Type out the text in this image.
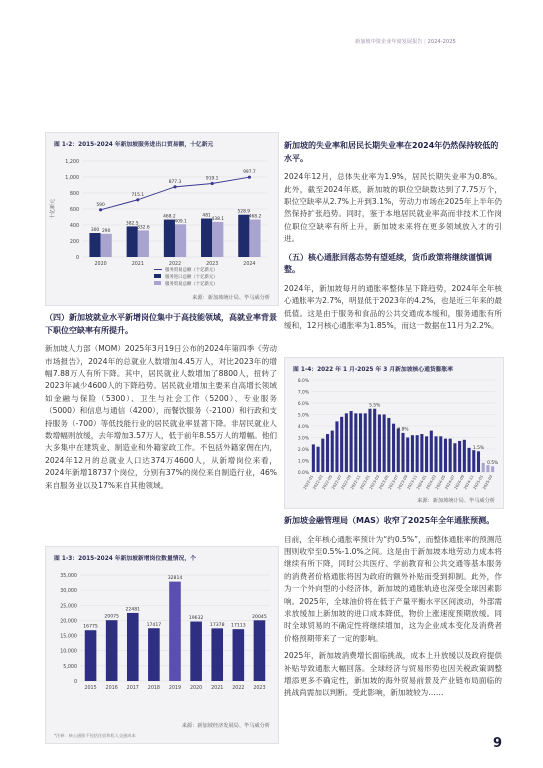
新加坡中资企业年度发展报告 | 2024-2025
图 1-2：2015-2024 年新加坡服务进出口贸易额，十亿新元
十亿新元
0
200
400
600
800
1,000
1,200
300 290
2020
382.5
332.6
2021
468.2
409.1
2022
481
438.1
2023
528.9
468.2
2024
590
715.1
877.3
919.1
997.7
服务贸易总额（十亿新元）
服务进口总额（十亿新元）
服务贸易总额（十亿新元）
来源：新加坡统计局、毕马威分析
（四）新加坡就业水平新增岗位集中于高技能领域，高就业率背景下职位空缺率有所提升。

新加坡人力部（MOM）2025年3月19日公布的2024年第四季《劳动市场报告》，2024年的总就业人数增加4.45万人，对比2023年的增幅7.88万人有所下降。其中，居民就业人数增加了8800人，扭转了2023年减少4600人的下降趋势。居民就业增加主要来自高增长领域如金融与保险（5300）、卫生与社会工作（5200）、专业服务（5000）和信息与通信（4200），而餐饮服务（-2100）和行政和支持服务（-700）等低技能行业的居民就业率显著下降。非居民就业人数增幅则放缓，去年增加3.57万人，低于前年8.55万人的增幅。他们大多集中在建筑业、制造业和外籍家政工作。不包括外籍家佣在内，2024年12月的总就业人口达374万4600人，从新增岗位来看，2024年新增18737个岗位，分别有37%的岗位来自制造行业，46%来自服务业以及17%来自其他领域。

图 1-3：2015-2024 年新加坡新增岗位数量情况，个
0
5,000
10,000
15,000
20,000
25,000
30,000
35,000
16775
2015
20075
2016
22481
2017
17417
2018
32814
2019
19632
2020
17378
2021
17113
2022
20045
2023
来源：新加坡经济发展局、毕马威分析
*注释：核心通胀不包括住宿和私人交通成本
新加坡的失业率和居民长期失业率在2024年仍然保持较低的水平。

2024年12月，总体失业率为1.9%，居民长期失业率为0.8%。此外，截至2024年底，新加坡的职位空缺数达到了7.75万个，职位空缺率从2.7%上升到3.1%，劳动力市场在2025年上半年仍然保持扩张趋势。同时，鉴于本地居民就业率高而非技术工作岗位职位空缺率有所上升，新加坡未来将在更多领域放入才的引进。

（五）核心通胀回落态势有望延续，货币政策将继续谨慎调整。

2024年，新加坡每月的通胀率整体呈下降趋势，2024年全年核心通胀率为2.7%，明显低于2023年的4.2%，也是近三年来的最低值。这是由于服务和食品的公共交通成本缓和，服务通胀有所缓和，12月核心通胀率为1.85%，而这一数据在11月为2.2%。

图 1-4：2022 年 1 月-2025 年 3 月新加坡核心通货膨胀率
0.0%
1.0%
2.0%
3.0%
4.0%
5.0%
6.0%
7.0%
8.0%
2022-01
2022-03
2022-05
2022-07
2022-09
2022-11
2023-01
5.5%
2023-03
2023-05
2023-07
3.8%
2023-09
2023-11
2024-01
2024-03
2024-05
2024-07
2024-09
2024-11
1.5%
2025-01
0.5%
2025-03
来源：新加坡统计局、毕马威分析
新加坡金融管理局（MAS）收窄了2025年全年通胀预测。

目前，全年核心通胀率预计为“约0.5%”，而整体通胀率的预测范围则收窄至0.5%-1.0%之间。这是由于新加坡本地劳动力成本将继续有所下降，同时公共医疗、学前教育和公共交通等基本服务的消费者价格通胀将因为政府的额外补贴而受到抑制。此外，作为一个外向型的小经济体，新加坡的通胀轨迹也深受全球因素影响。2025年，全球油价将在低于产量平衡水平区间波动，外部需求放缓加上新加坡的进口成本降低，物价上涨速度预期放缓。同时全球贸易的不确定性将继续增加，这为企业成本变化及消费者价格预期带来了一定的影响。

2025年，新加坡消费增长面临挑战，成本上升放缓以及政府提供补贴导致通胀大幅回落。全球经济与贸易形势也因关税政策调整增添更多不确定性，新加坡的海外贸易前景及产业链布局面临的挑战尚需加以判断。受此影响，新加坡较为……

9
